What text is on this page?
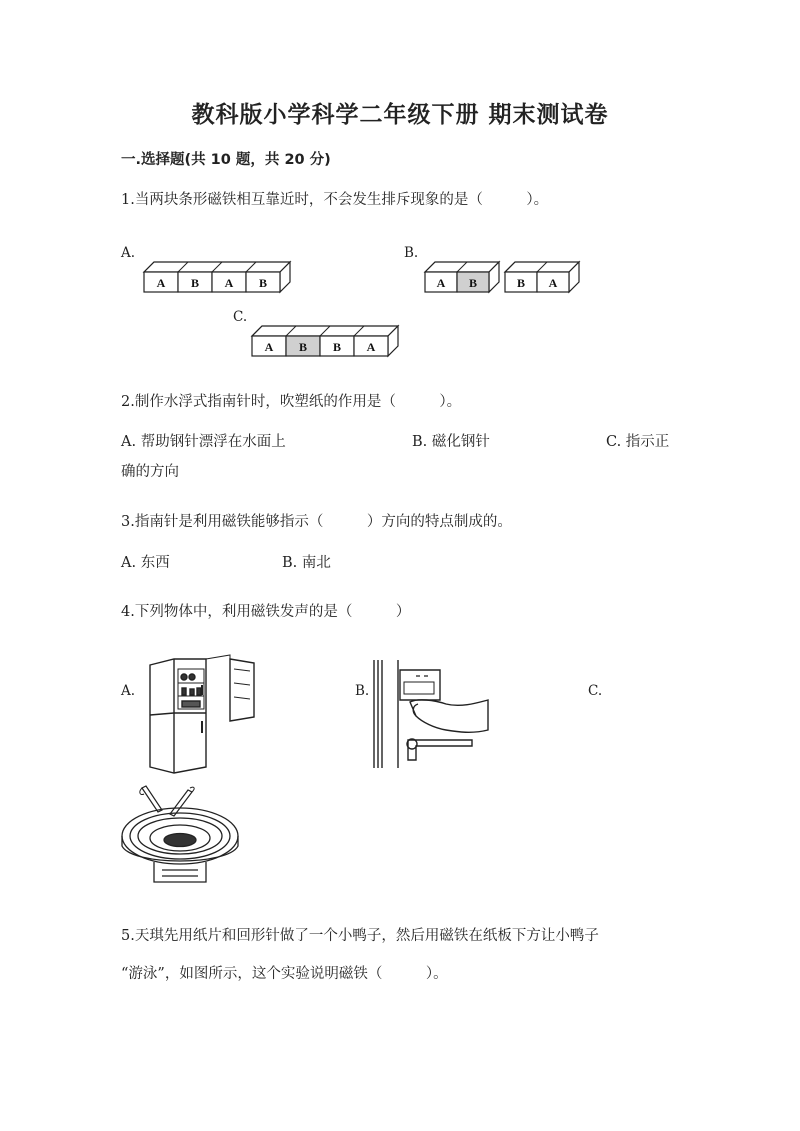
教科版小学科学二年级下册 期末测试卷
一.选择题(共 10 题，共 20 分)
1.当两块条形磁铁相互靠近时，不会发生排斥现象的是（　　　）。
A.
A B A B
B.
A B	B A
C.
A B B A
2.制作水浮式指南针时，吹塑纸的作用是（　　　）。
A. 帮助钢针漂浮在水面上	B. 磁化钢针	C. 指示正
确的方向
3.指南针是利用磁铁能够指示（　　　）方向的特点制成的。
A. 东西	B. 南北
4.下列物体中，利用磁铁发声的是（　　　）
A.	B.	C.
5.天琪先用纸片和回形针做了一个小鸭子，然后用磁铁在纸板下方让小鸭子
“游泳”，如图所示，这个实验说明磁铁（　　　）。
